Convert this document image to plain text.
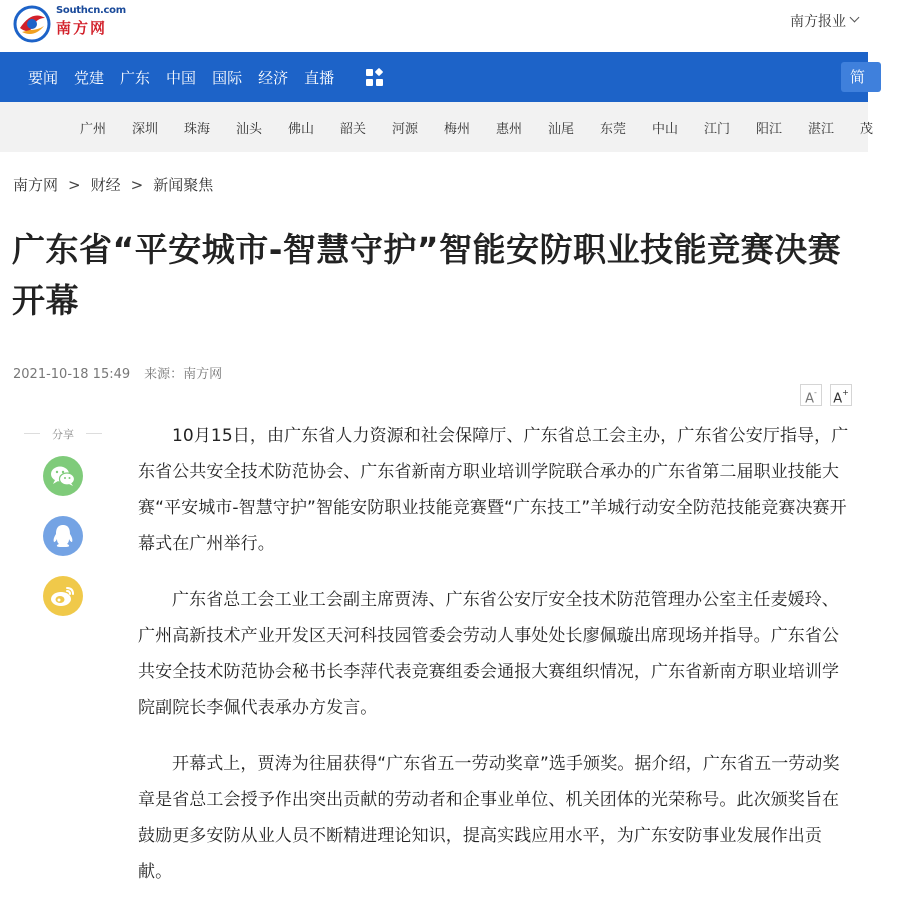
Southcn.com
南方网	南方报业
要闻 党建 广东 中国 国际 经济 直播	简
广州	深圳	珠海	汕头	佛山	韶关	河源	梅州	惠州	汕尾	东莞	中山	江门	阳江	湛江	茂
南方网 > 财经 > 新闻聚焦
广东省“平安城市-智慧守护”智能安防职业技能竞赛决赛开幕
2021-10-18 15:49 来源：南方网
A-	A+
分享	10月15日，由广东省人力资源和社会保障厅、广东省总工会主办，广东省公安厅指导，广东省公共安全技术防范协会、广东省新南方职业培训学院联合承办的广东省第二届职业技能大赛“平安城市-智慧守护”智能安防职业技能竞赛暨“广东技工”羊城行动安全防范技能竞赛决赛开幕式在广州举行。

广东省总工会工业工会副主席贾涛、广东省公安厅安全技术防范管理办公室主任麦媛玲、广州高新技术产业开发区天河科技园管委会劳动人事处处长廖佩璇出席现场并指导。广东省公共安全技术防范协会秘书长李萍代表竞赛组委会通报大赛组织情况，广东省新南方职业培训学院副院长李佩代表承办方发言。

开幕式上，贾涛为往届获得“广东省五一劳动奖章”选手颁奖。据介绍，广东省五一劳动奖章是省总工会授予作出突出贡献的劳动者和企事业单位、机关团体的光荣称号。此次颁奖旨在鼓励更多安防从业人员不断精进理论知识，提高实践应用水平，为广东安防事业发展作出贡献。
